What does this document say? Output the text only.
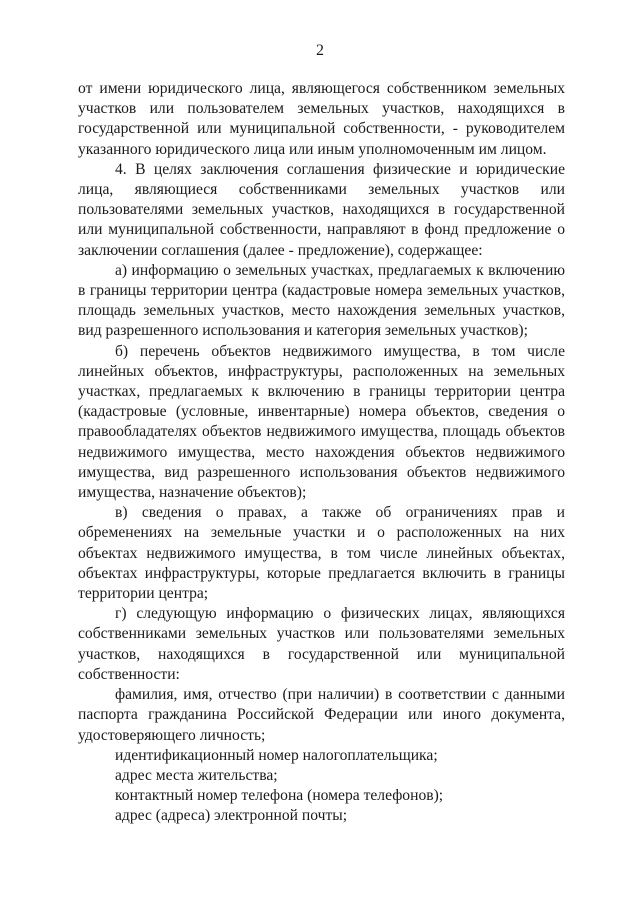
2

от имени юридического лица, являющегося собственником земельных участков или пользователем земельных участков, находящихся в государственной или муниципальной собственности, - руководителем указанного юридического лица или иным уполномоченным им лицом.

4. В целях заключения соглашения физические и юридические лица, являющиеся собственниками земельных участков или пользователями земельных участков, находящихся в государственной или муниципальной собственности, направляют в фонд предложение о заключении соглашения (далее - предложение), содержащее:

а) информацию о земельных участках, предлагаемых к включению в границы территории центра (кадастровые номера земельных участков, площадь земельных участков, место нахождения земельных участков, вид разрешенного использования и категория земельных участков);

б) перечень объектов недвижимого имущества, в том числе линейных объектов, инфраструктуры, расположенных на земельных участках, предлагаемых к включению в границы территории центра (кадастровые (условные, инвентарные) номера объектов, сведения о правообладателях объектов недвижимого имущества, площадь объектов недвижимого имущества, место нахождения объектов недвижимого имущества, вид разрешенного использования объектов недвижимого имущества, назначение объектов);

в) сведения о правах, а также об ограничениях прав и обременениях на земельные участки и о расположенных на них объектах недвижимого имущества, в том числе линейных объектах, объектах инфраструктуры, которые предлагается включить в границы территории центра;

г) следующую информацию о физических лицах, являющихся собственниками земельных участков или пользователями земельных участков, находящихся в государственной или муниципальной собственности:

фамилия, имя, отчество (при наличии) в соответствии с данными паспорта гражданина Российской Федерации или иного документа, удостоверяющего личность;

идентификационный номер налогоплательщика;

адрес места жительства;

контактный номер телефона (номера телефонов);

адрес (адреса) электронной почты;
